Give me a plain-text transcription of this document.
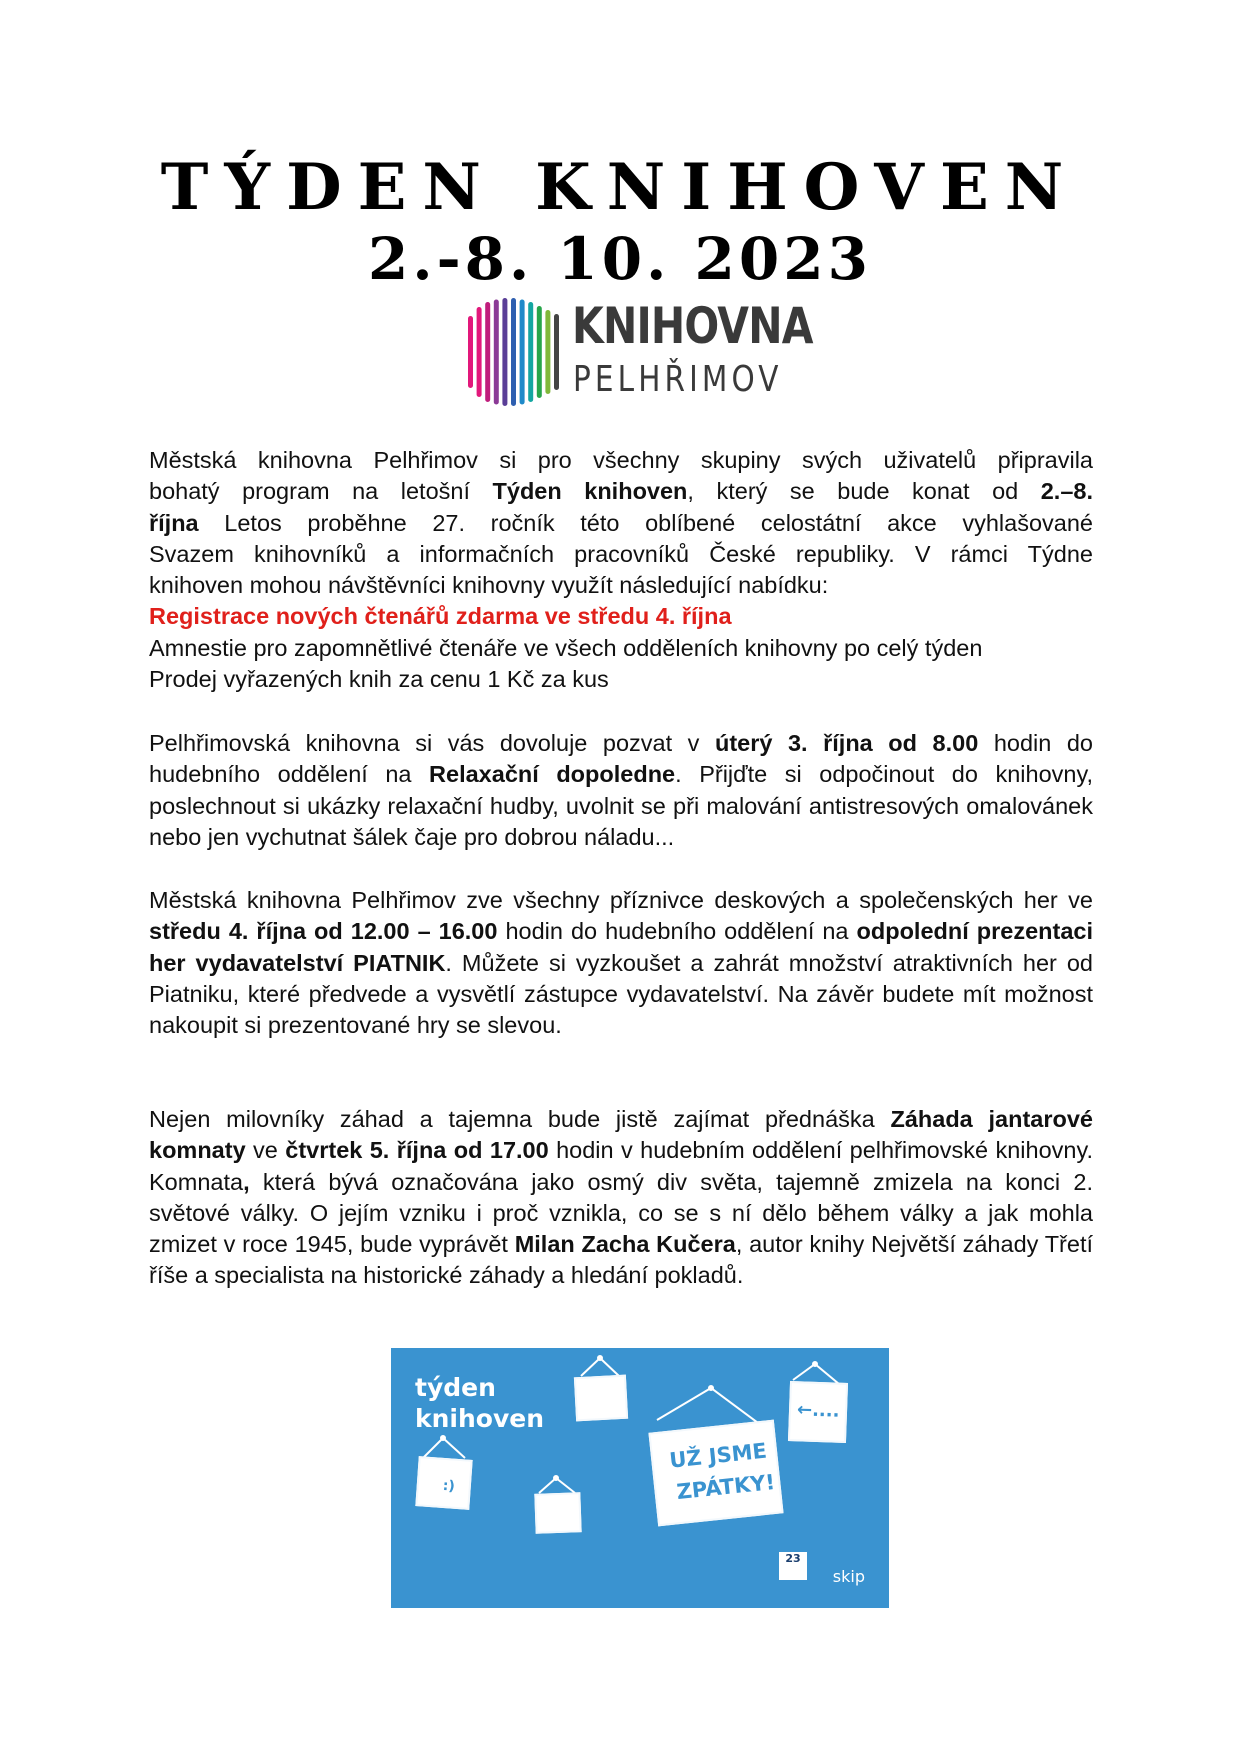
TÝDEN KNIHOVEN
2.-8. 10. 2023
KNIHOVNA
PELHŘIMOV
Městská knihovna Pelhřimov si pro všechny skupiny svých uživatelů připravila
bohatý program na letošní Týden knihoven, který se bude konat od 2.–8.
října Letos proběhne 27. ročník této oblíbené celostátní akce vyhlašované
Svazem knihovníků a informačních pracovníků České republiky. V rámci Týdne
knihoven mohou návštěvníci knihovny využít následující nabídku:
Registrace nových čtenářů zdarma ve středu 4. října
Amnestie pro zapomnětlivé čtenáře ve všech odděleních knihovny po celý týden
Prodej vyřazených knih za cenu 1 Kč za kus

Pelhřimovská knihovna si vás dovoluje pozvat v úterý 3. října od 8.00 hodin do hudebního oddělení na Relaxační dopoledne. Přijďte si odpočinout do knihovny, poslechnout si ukázky relaxační hudby, uvolnit se při malování antistresových omalovánek nebo jen vychutnat šálek čaje pro dobrou náladu...

Městská knihovna Pelhřimov zve všechny příznivce deskových a společenských her ve středu 4. října od 12.00 – 16.00 hodin do hudebního oddělení na odpolední prezentaci her vydavatelství PIATNIK. Můžete si vyzkoušet a zahrát množství atraktivních her od Piatniku, které předvede a vysvětlí zástupce vydavatelství. Na závěr budete mít možnost nakoupit si prezentované hry se slevou.

Nejen milovníky záhad a tajemna bude jistě zajímat přednáška Záhada jantarové komnaty ve čtvrtek 5. října od 17.00 hodin v hudebním oddělení pelhřimovské knihovny. Komnata, která bývá označována jako osmý div světa, tajemně zmizela na konci 2. světové války. O jejím vzniku i proč vznikla, co se s ní dělo během války a jak mohla zmizet v roce 1945, bude vyprávět Milan Zacha Kučera, autor knihy Největší záhady Třetí říše a specialista na historické záhady a hledání pokladů.

týden
knihoven	←....
UŽ JSME
ZPÁTKY!
:)
23
skip
